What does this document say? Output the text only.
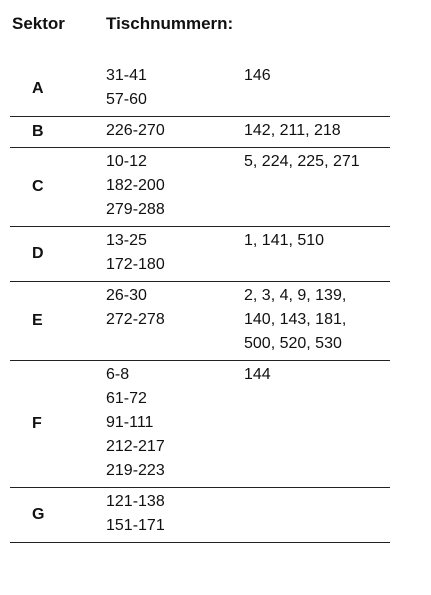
Sektor Tischnummern:
A
31-41
57-60
146
B	226-270	142, 211, 218
C
10-12
182-200
279-288
5, 224, 225, 271
D
13-25
172-180
1, 141, 510
E
26-30
272-278
2, 3, 4, 9, 139,
140, 143, 181,
500, 520, 530
F
6-8
61-72
91-111
212-217
219-223
144
G
121-138
151-171
